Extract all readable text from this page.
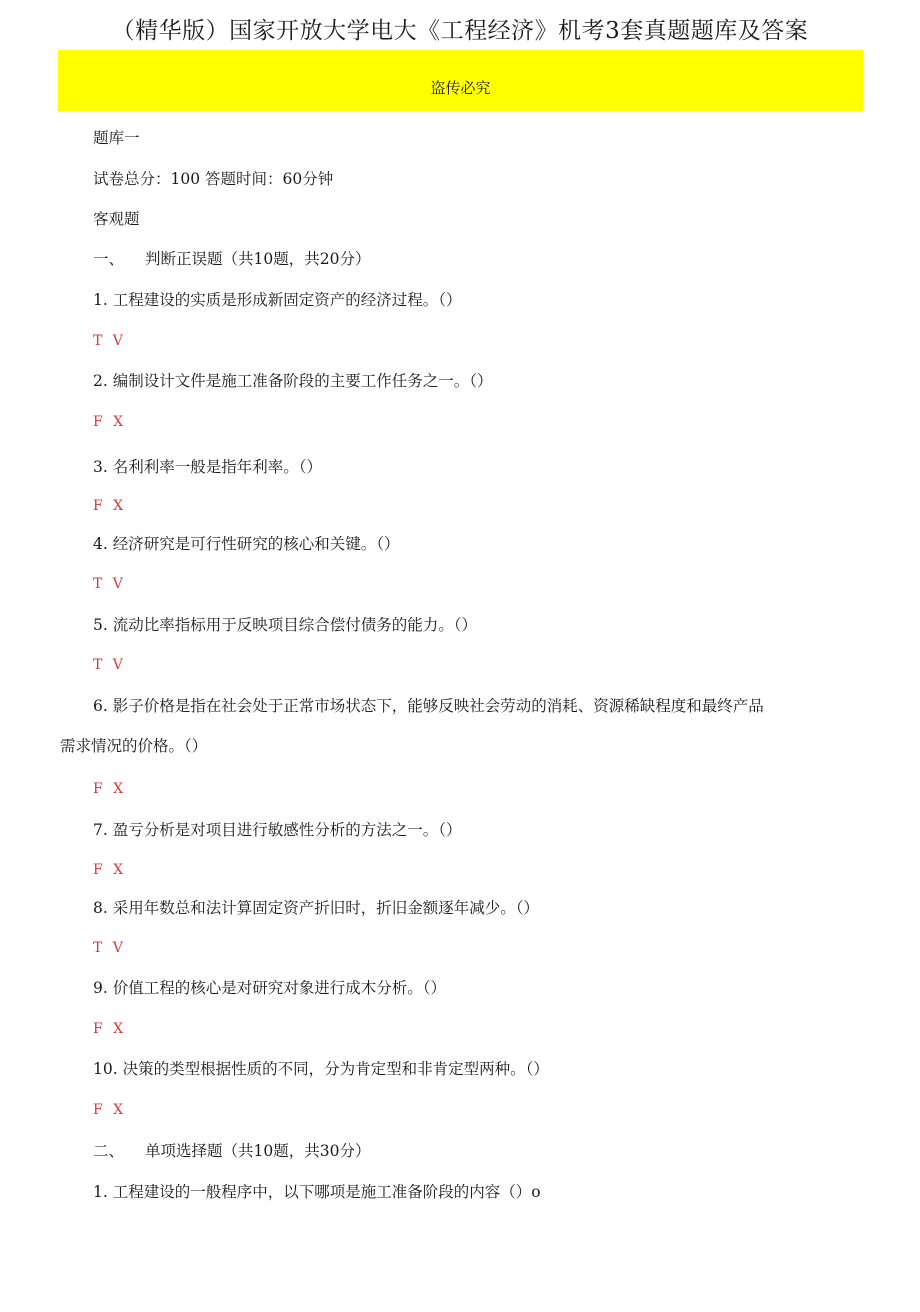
（精华版）国家开放大学电大《工程经济》机考3套真题题库及答案
盗传必究
题库一
试卷总分：100 答题时间：60分钟
客观题
一、 判断正误题（共10题，共20分）
1. 工程建设的实质是形成新固定资产的经济过程。（）
T V
2. 编制设计文件是施工准备阶段的主要工作任务之一。（）
F X
3. 名利利率一般是指年利率。（）
F X
4. 经济研究是可行性研究的核心和关键。（）
T V
5. 流动比率指标用于反映项目综合偿付债务的能力。（）
T V
6. 影子价格是指在社会处于正常市场状态下，能够反映社会劳动的消耗、资源稀缺程度和最终产品
需求情况的价格。（）
F X
7. 盈亏分析是对项目进行敏感性分析的方法之一。（）
F X
8. 采用年数总和法计算固定资产折旧时，折旧金额逐年减少。（）
T V
9. 价值工程的核心是对研究对象进行成木分析。（）
F X
10. 决策的类型根据性质的不同，分为肯定型和非肯定型两种。（）
F X
二、 单项选择题（共10题，共30分）
1. 工程建设的一般程序中，以下哪项是施工准备阶段的内容（）o
